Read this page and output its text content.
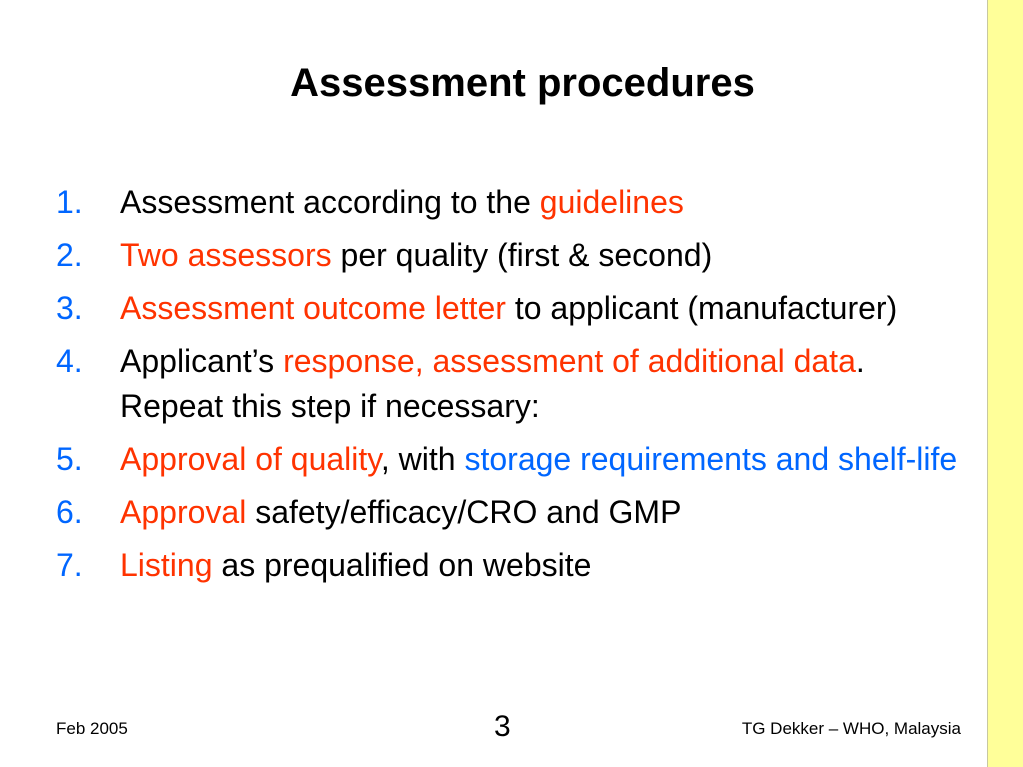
Assessment procedures
1. Assessment according to the guidelines
2. Two assessors per quality (first & second)
3. Assessment outcome letter to applicant (manufacturer)
4. Applicant’s response, assessment of additional data. Repeat this step if necessary:
5. Approval of quality, with storage requirements and shelf-life
6. Approval safety/efficacy/CRO and GMP
7. Listing as prequalified on website
Feb 2005	3	TG Dekker – WHO, Malaysia
